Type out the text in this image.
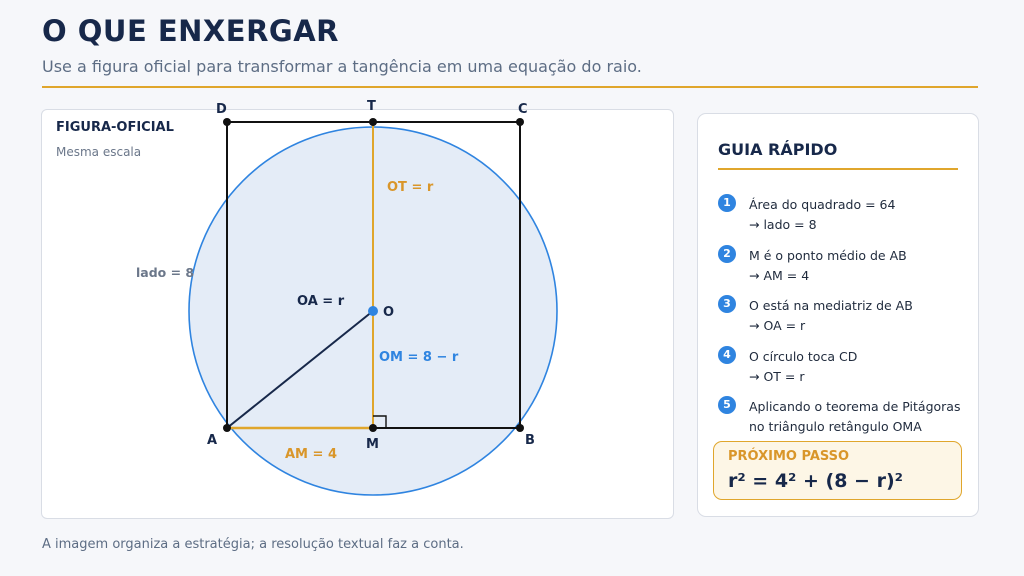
O QUE ENXERGAR
Use a figura oficial para transformar a tangência em uma equação do raio.
FIGURA-OFICIAL
Mesma escala
D	T	C
A	M	B
O
lado = 8
OT = r
OA = r
OM = 8 − r
AM = 4
GUIA RÁPIDO
1	Área do quadrado = 64
→ lado = 8
2	M é o ponto médio de AB
→ AM = 4
3	O está na mediatriz de AB
→ OA = r
4	O círculo toca CD
→ OT = r
5	Aplicando o teorema de Pitágoras
no triângulo retângulo OMA
PRÓXIMO PASSO
r² = 4² + (8 − r)²
A imagem organiza a estratégia; a resolução textual faz a conta.
